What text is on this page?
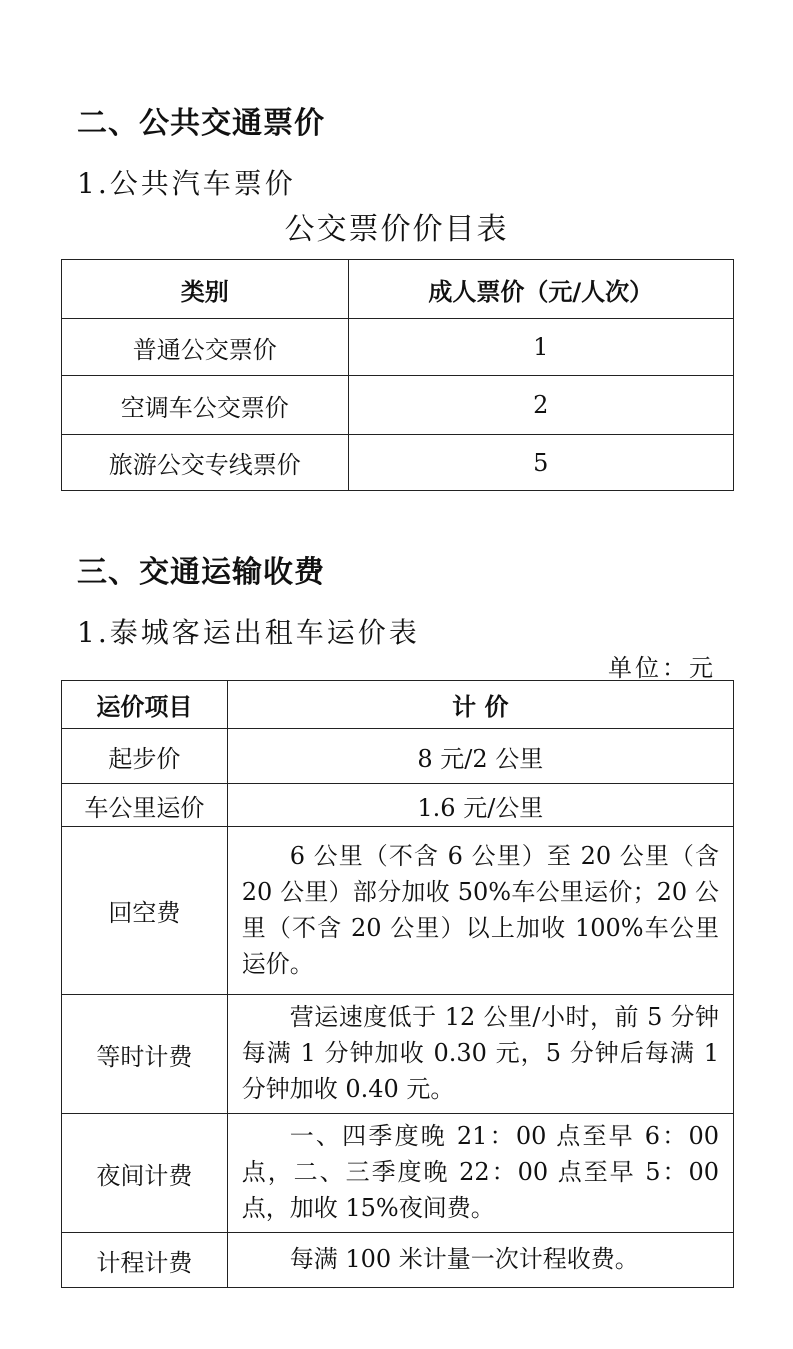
二、公共交通票价
1.公共汽车票价
公交票价价目表
类别	成人票价（元/人次）
普通公交票价	1
空调车公交票价	2
旅游公交专线票价	5
三、交通运输收费
1.泰城客运出租车运价表
单位：元
运价项目	计 价
起步价	8 元/2 公里
车公里运价	1.6 元/公里
回空费	6 公里（不含 6 公里）至 20 公里（含 20 公里）部分加收 50%车公里运价；20 公里（不含 20 公里）以上加收 100%车公里运价。
等时计费	营运速度低于 12 公里/小时，前 5 分钟每满 1 分钟加收 0.30 元，5 分钟后每满 1 分钟加收 0.40 元。
夜间计费	一、四季度晚 21：00 点至早 6：00 点，二、三季度晚 22：00 点至早 5：00 点，加收 15%夜间费。
计程计费	每满 100 米计量一次计程收费。
